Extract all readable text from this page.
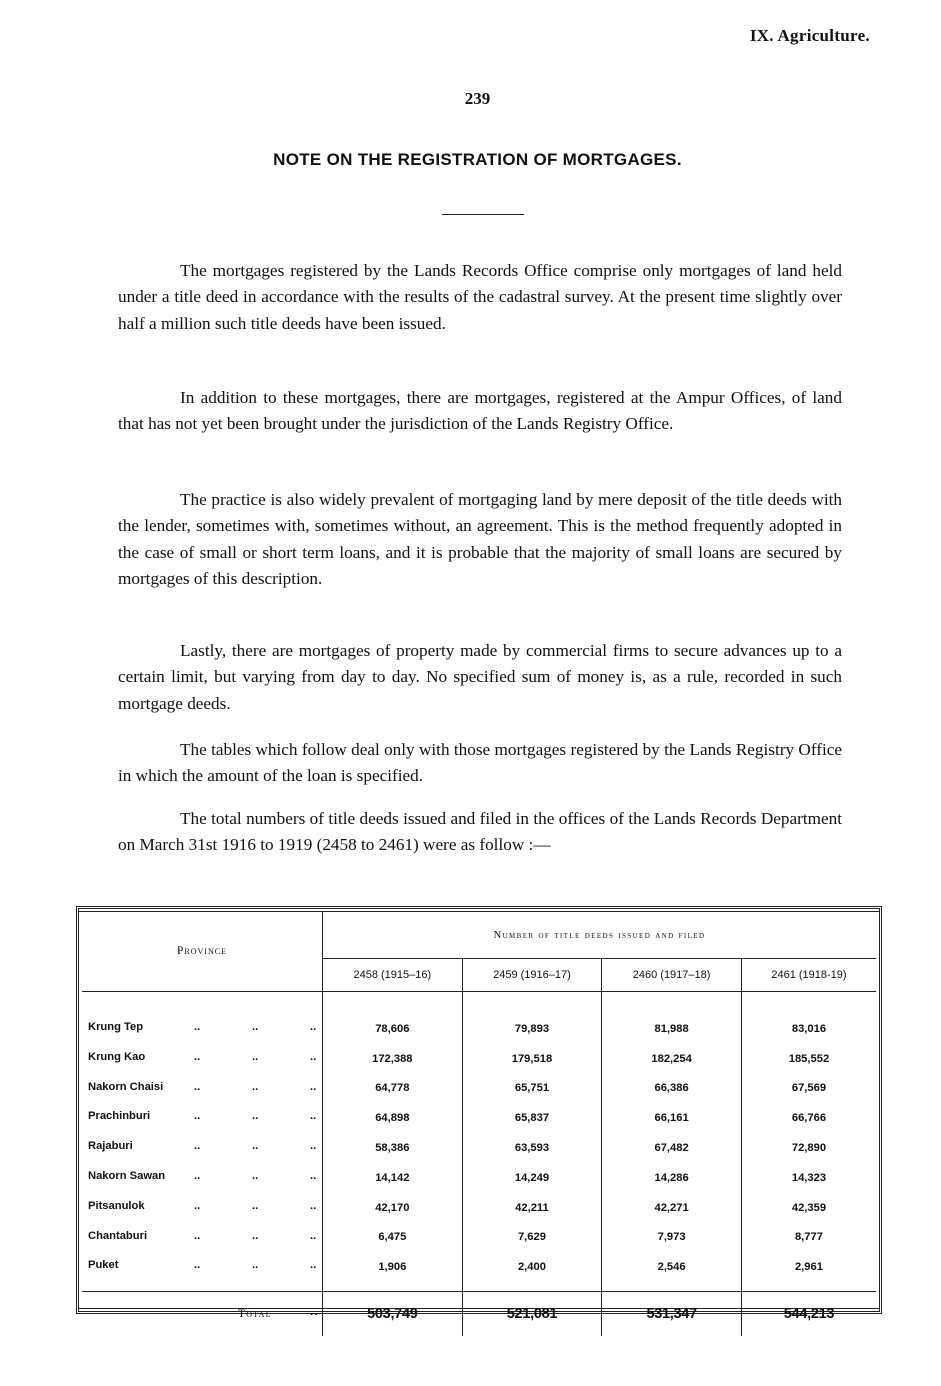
IX. Agriculture.
239
NOTE ON THE REGISTRATION OF MORTGAGES.

The mortgages registered by the Lands Records Office comprise only mortgages of land held under a title deed in accordance with the results of the cadastral survey. At the present time slightly over half a million such title deeds have been issued.

In addition to these mortgages, there are mortgages, registered at the Ampur Offices, of land that has not yet been brought under the jurisdiction of the Lands Registry Office.

The practice is also widely prevalent of mortgaging land by mere deposit of the title deeds with the lender, sometimes with, sometimes without, an agreement. This is the method frequently adopted in the case of small or short term loans, and it is probable that the majority of small loans are secured by mortgages of this description.

Lastly, there are mortgages of property made by commercial firms to secure advances up to a certain limit, but varying from day to day. No specified sum of money is, as a rule, recorded in such mortgage deeds.

The tables which follow deal only with those mortgages registered by the Lands Registry Office in which the amount of the loan is specified.

The total numbers of title deeds issued and filed in the offices of the Lands Records Department on March 31st 1916 to 1919 (2458 to 2461) were as follow :—

Province	Number of title deeds issued and filed			
	2458 (1915–16)	2459 (1916–17)	2460 (1917–18)	2461 (1918-19)

Krung Tep .. .. ..	78,606	79,893	81,988	83,016

Krung Kao .. .. ..	172,388	179,518	182,254	185,552

Nakorn Chaisi .. .. ..	64,778	65,751	66,386	67,569

Prachinburi .. .. ..	64,898	65,837	66,161	66,766

Rajaburi .. .. ..	58,386	63,593	67,482	72,890

Nakorn Sawan .. .. ..	14,142	14,249	14,286	14,323

Pitsanulok .. .. ..	42,170	42,211	42,271	42,359

Chantaburi .. .. ..	6,475	7,629	7,973	8,777

Puket .. .. ..	1,906	2,400	2,546	2,961
Total ..	503,749	521,081	531,347	544,213
